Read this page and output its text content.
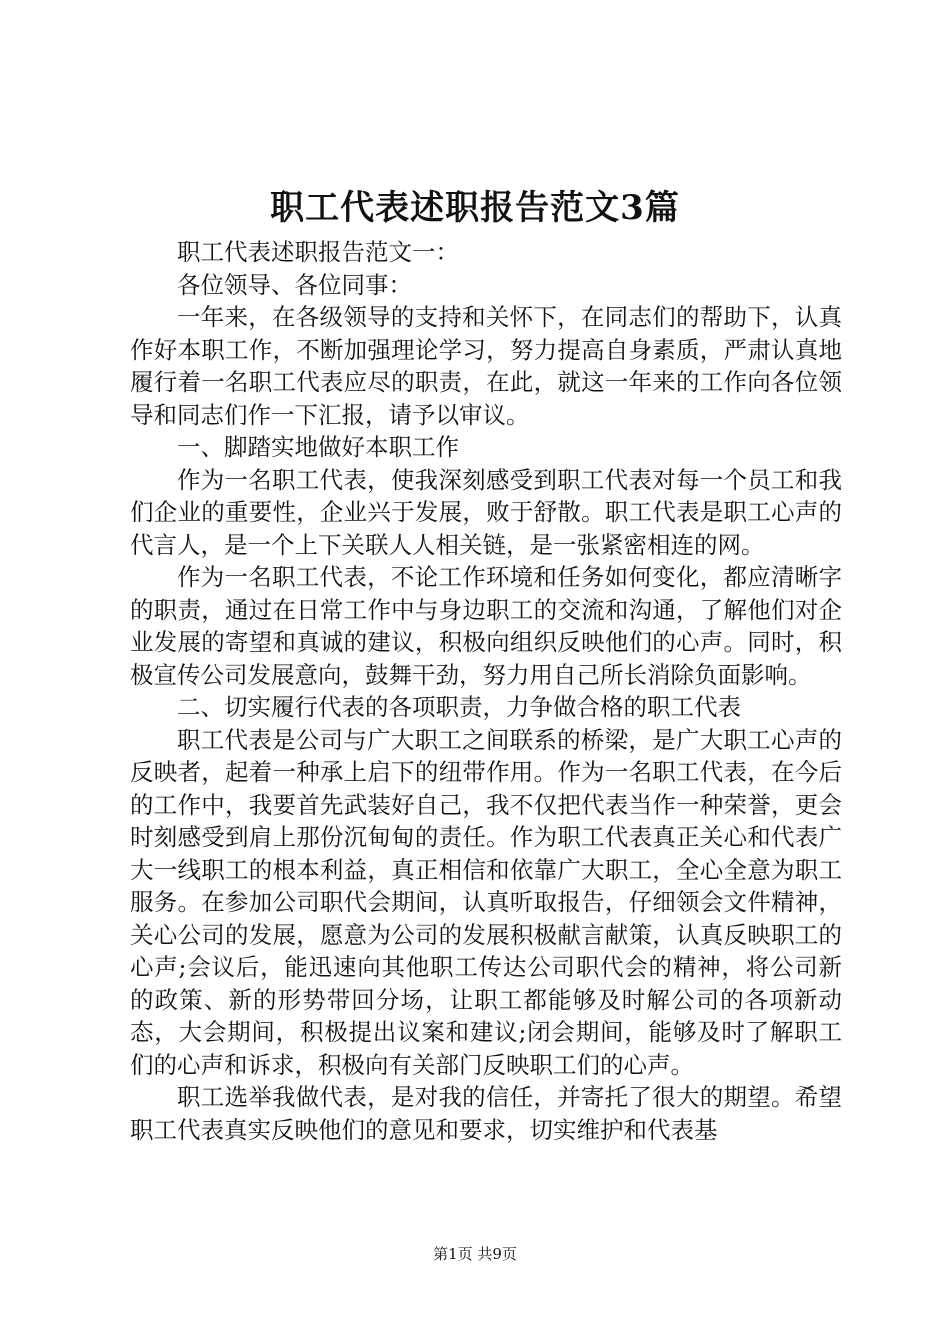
职工代表述职报告范文3篇

职工代表述职报告范文一：

各位领导、各位同事：

一年来，在各级领导的支持和关怀下，在同志们的帮助下，认真作好本职工作，不断加强理论学习，努力提高自身素质，严肃认真地履行着一名职工代表应尽的职责，在此，就这一年来的工作向各位领导和同志们作一下汇报，请予以审议。

一、脚踏实地做好本职工作

作为一名职工代表，使我深刻感受到职工代表对每一个员工和我们企业的重要性，企业兴于发展，败于舒散。职工代表是职工心声的代言人，是一个上下关联人人相关链，是一张紧密相连的网。

作为一名职工代表，不论工作环境和任务如何变化，都应清晰字的职责，通过在日常工作中与身边职工的交流和沟通，了解他们对企业发展的寄望和真诚的建议，积极向组织反映他们的心声。同时，积极宣传公司发展意向，鼓舞干劲，努力用自己所长消除负面影响。

二、切实履行代表的各项职责，力争做合格的职工代表

职工代表是公司与广大职工之间联系的桥梁，是广大职工心声的反映者，起着一种承上启下的纽带作用。作为一名职工代表，在今后的工作中，我要首先武装好自己，我不仅把代表当作一种荣誉，更会时刻感受到肩上那份沉甸甸的责任。作为职工代表真正关心和代表广大一线职工的根本利益，真正相信和依靠广大职工，全心全意为职工服务。在参加公司职代会期间，认真听取报告，仔细领会文件精神，关心公司的发展，愿意为公司的发展积极献言献策，认真反映职工的心声;会议后，能迅速向其他职工传达公司职代会的精神，将公司新的政策、新的形势带回分场，让职工都能够及时解公司的各项新动态，大会期间，积极提出议案和建议;闭会期间，能够及时了解职工们的心声和诉求，积极向有关部门反映职工们的心声。

职工选举我做代表，是对我的信任，并寄托了很大的期望。希望职工代表真实反映他们的意见和要求，切实维护和代表基

第1页 共9页
